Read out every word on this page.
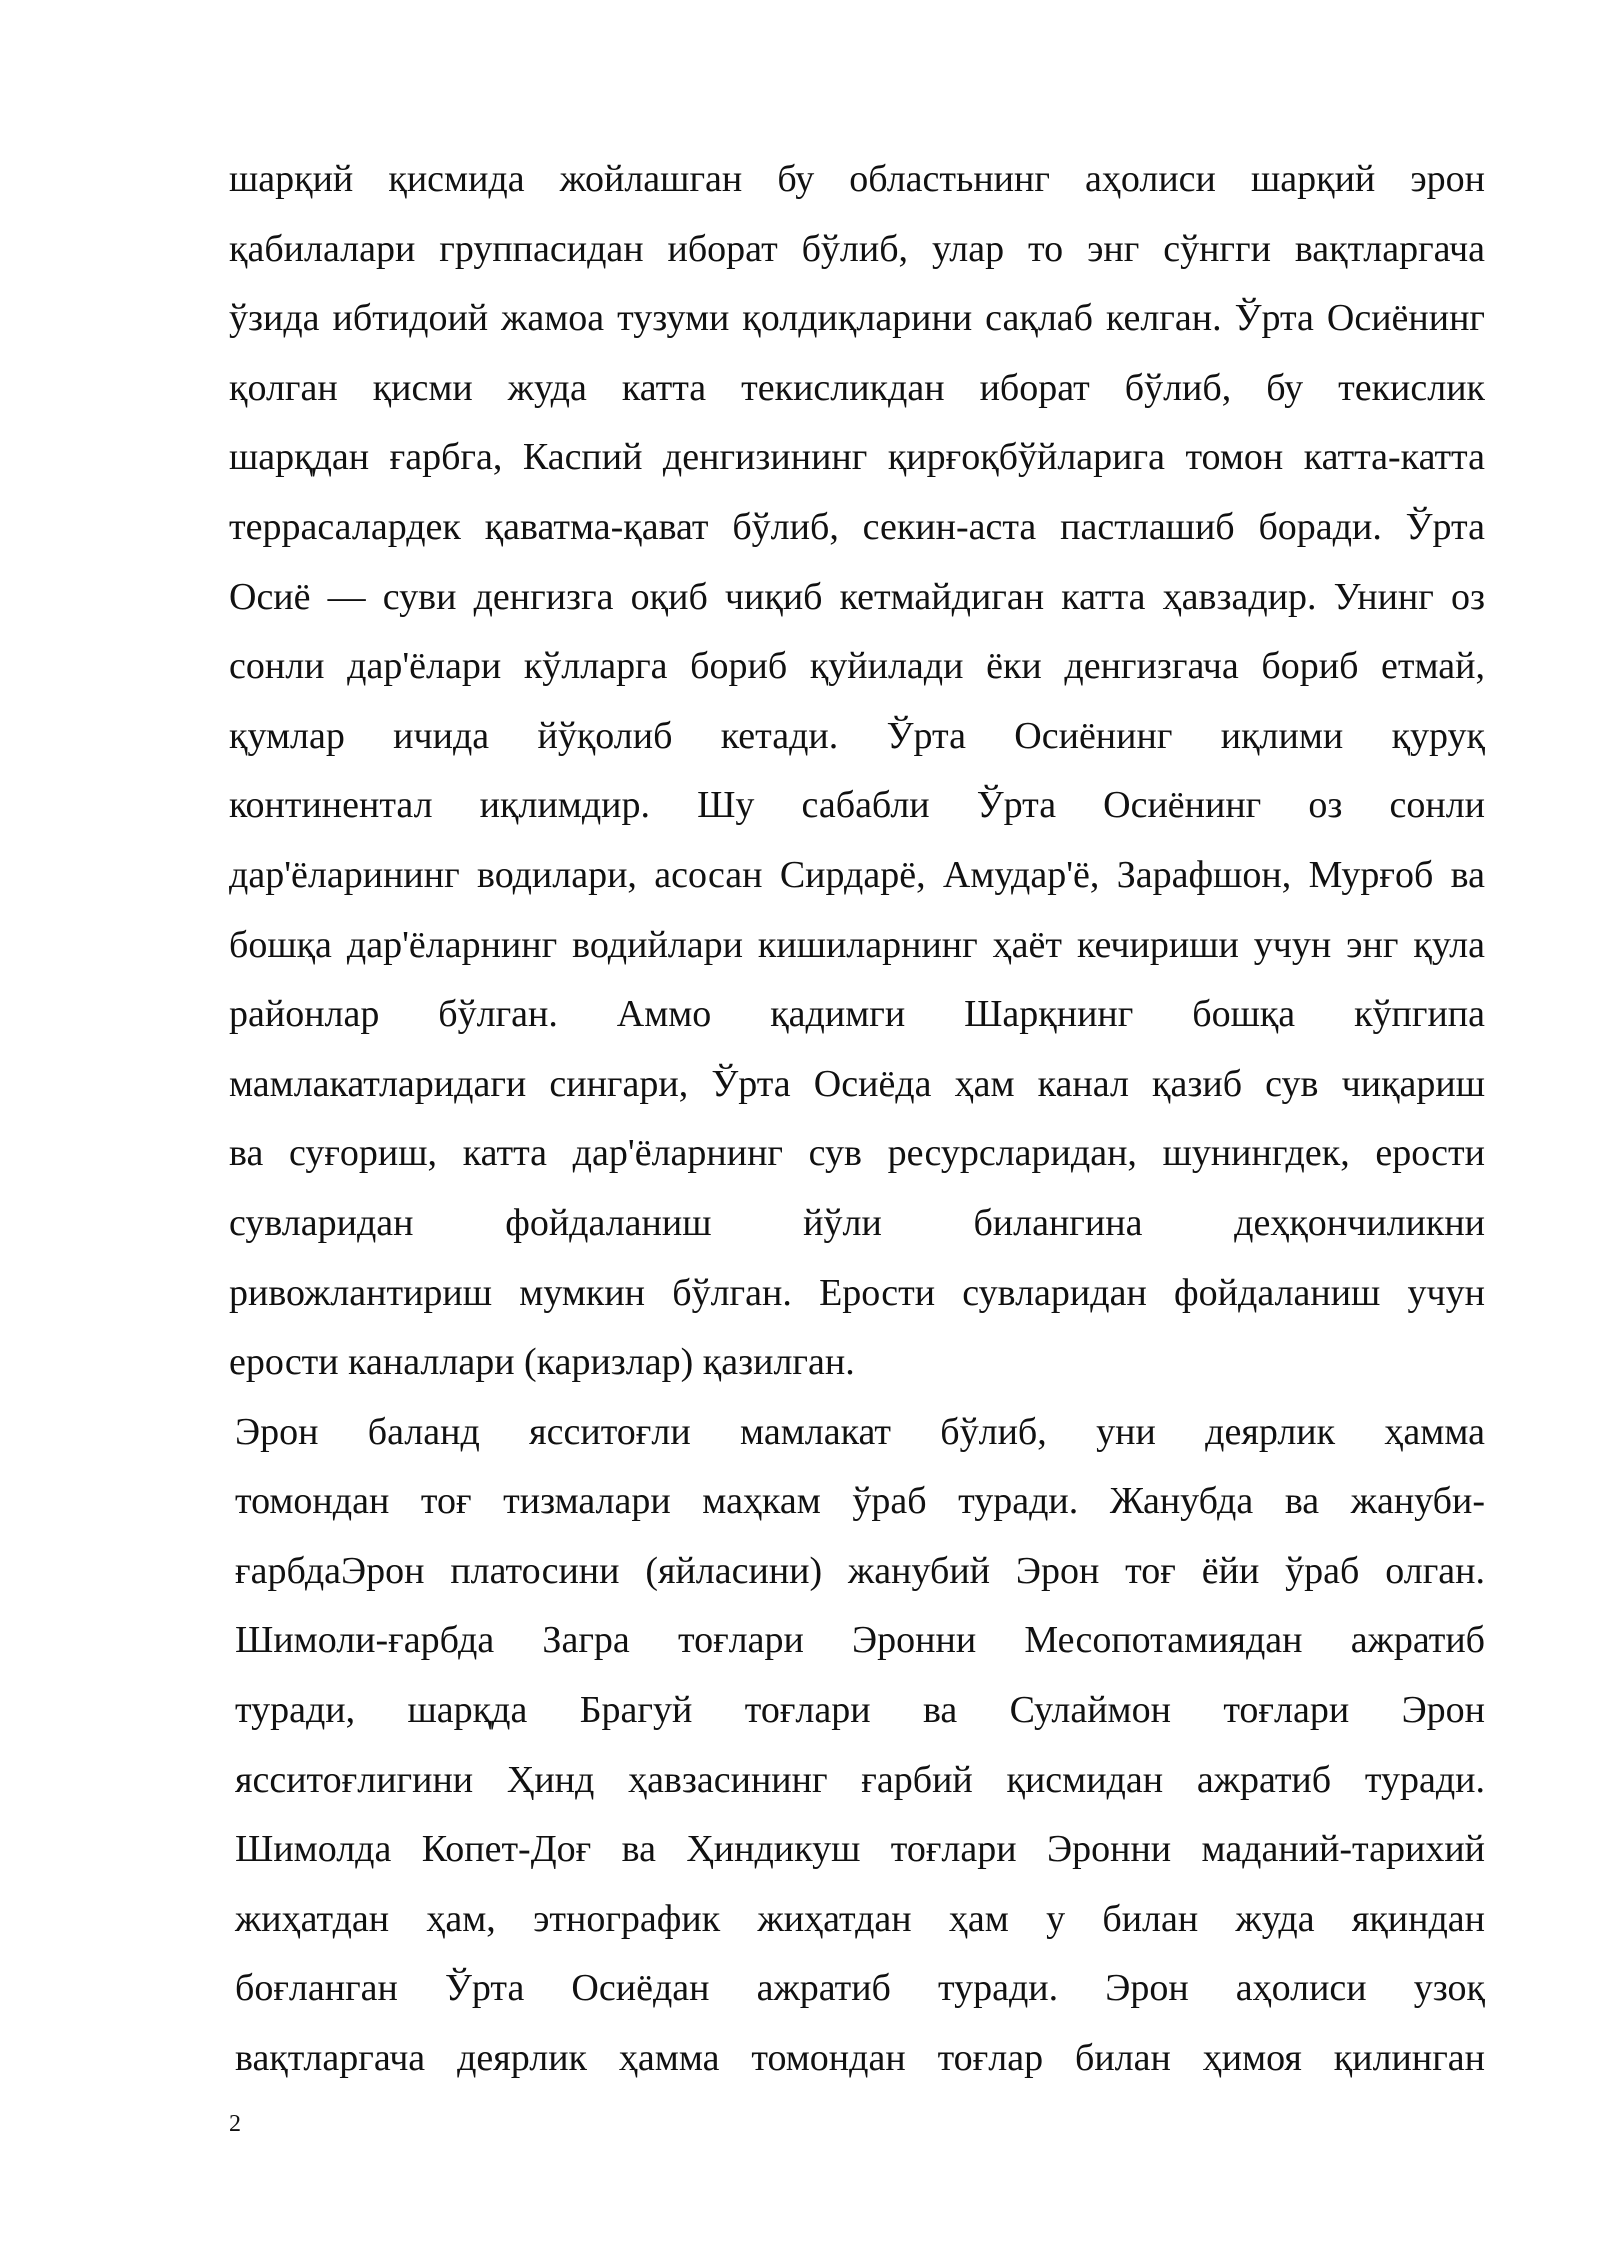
шарқий қисмида жойлашган бу областьнинг аҳолиси шарқий эрон
қабилалари группасидан иборат бўлиб, улар то энг сўнгги вақтларгача
ўзида ибтидоий жамоа тузуми қолдиқларини сақлаб келган. Ўрта Осиёнинг
қолган қисми жуда катта текисликдан иборат бўлиб, бу текислик
шарқдан ғарбга, Каспий денгизининг қирғоқбўйларига томон катта-катта
террасалардек қаватма-қават бўлиб, секин-аста пастлашиб боради. Ўрта
Осиё — суви денгизга оқиб чиқиб кетмайдиган катта ҳавзадир. Унинг оз
сонли дар'ёлари кўлларга бориб қуйилади ёки денгизгача бориб етмай,
қумлар ичида йўқолиб кетади. Ўрта Осиёнинг иқлими қуруқ
континентал иқлимдир. Шу сабабли Ўрта Осиёнинг оз сонли
дар'ёларининг водилари, асосан Сирдарё, Амудар'ё, Зарафшон, Мурғоб ва
бошқа дар'ёларнинг водийлари кишиларнинг ҳаёт кечириши учун энг қула
районлар бўлган. Аммо қадимги Шарқнинг бошқа кўпгипа
мамлакатларидаги сингари, Ўрта Осиёда ҳам канал қазиб сув чиқариш
ва суғориш, катта дар'ёларнинг сув ресурсларидан, шунингдек, ерости
сувларидан фойдаланиш йўли билангина деҳқончиликни
ривожлантириш мумкин бўлган. Ерости сувларидан фойдаланиш учун
ерости каналлари (каризлар) қазилган.
Эрон баланд ясситоғли мамлакат бўлиб, уни деярлик ҳамма
томондан тоғ тизмалари маҳкам ўраб туради. Жанубда ва жануби-
ғарбдаЭрон платосини (яйласини) жанубий Эрон тоғ ёйи ўраб олган.
Шимоли-ғарбда Загра тоғлари Эронни Месопотамиядан ажратиб
туради, шарқда Брагуй тоғлари ва Сулаймон тоғлари Эрон
ясситоғлигини Ҳинд ҳавзасининг ғарбий қисмидан ажратиб туради.
Шимолда Копет-Доғ ва Ҳиндикуш тоғлари Эронни маданий-тарихий
жиҳатдан ҳам, этнографик жиҳатдан ҳам у билан жуда яқиндан
боғланган Ўрта Осиёдан ажратиб туради. Эрон аҳолиси узоқ
вақтларгача деярлик ҳамма томондан тоғлар билан ҳимоя қилинган
2
